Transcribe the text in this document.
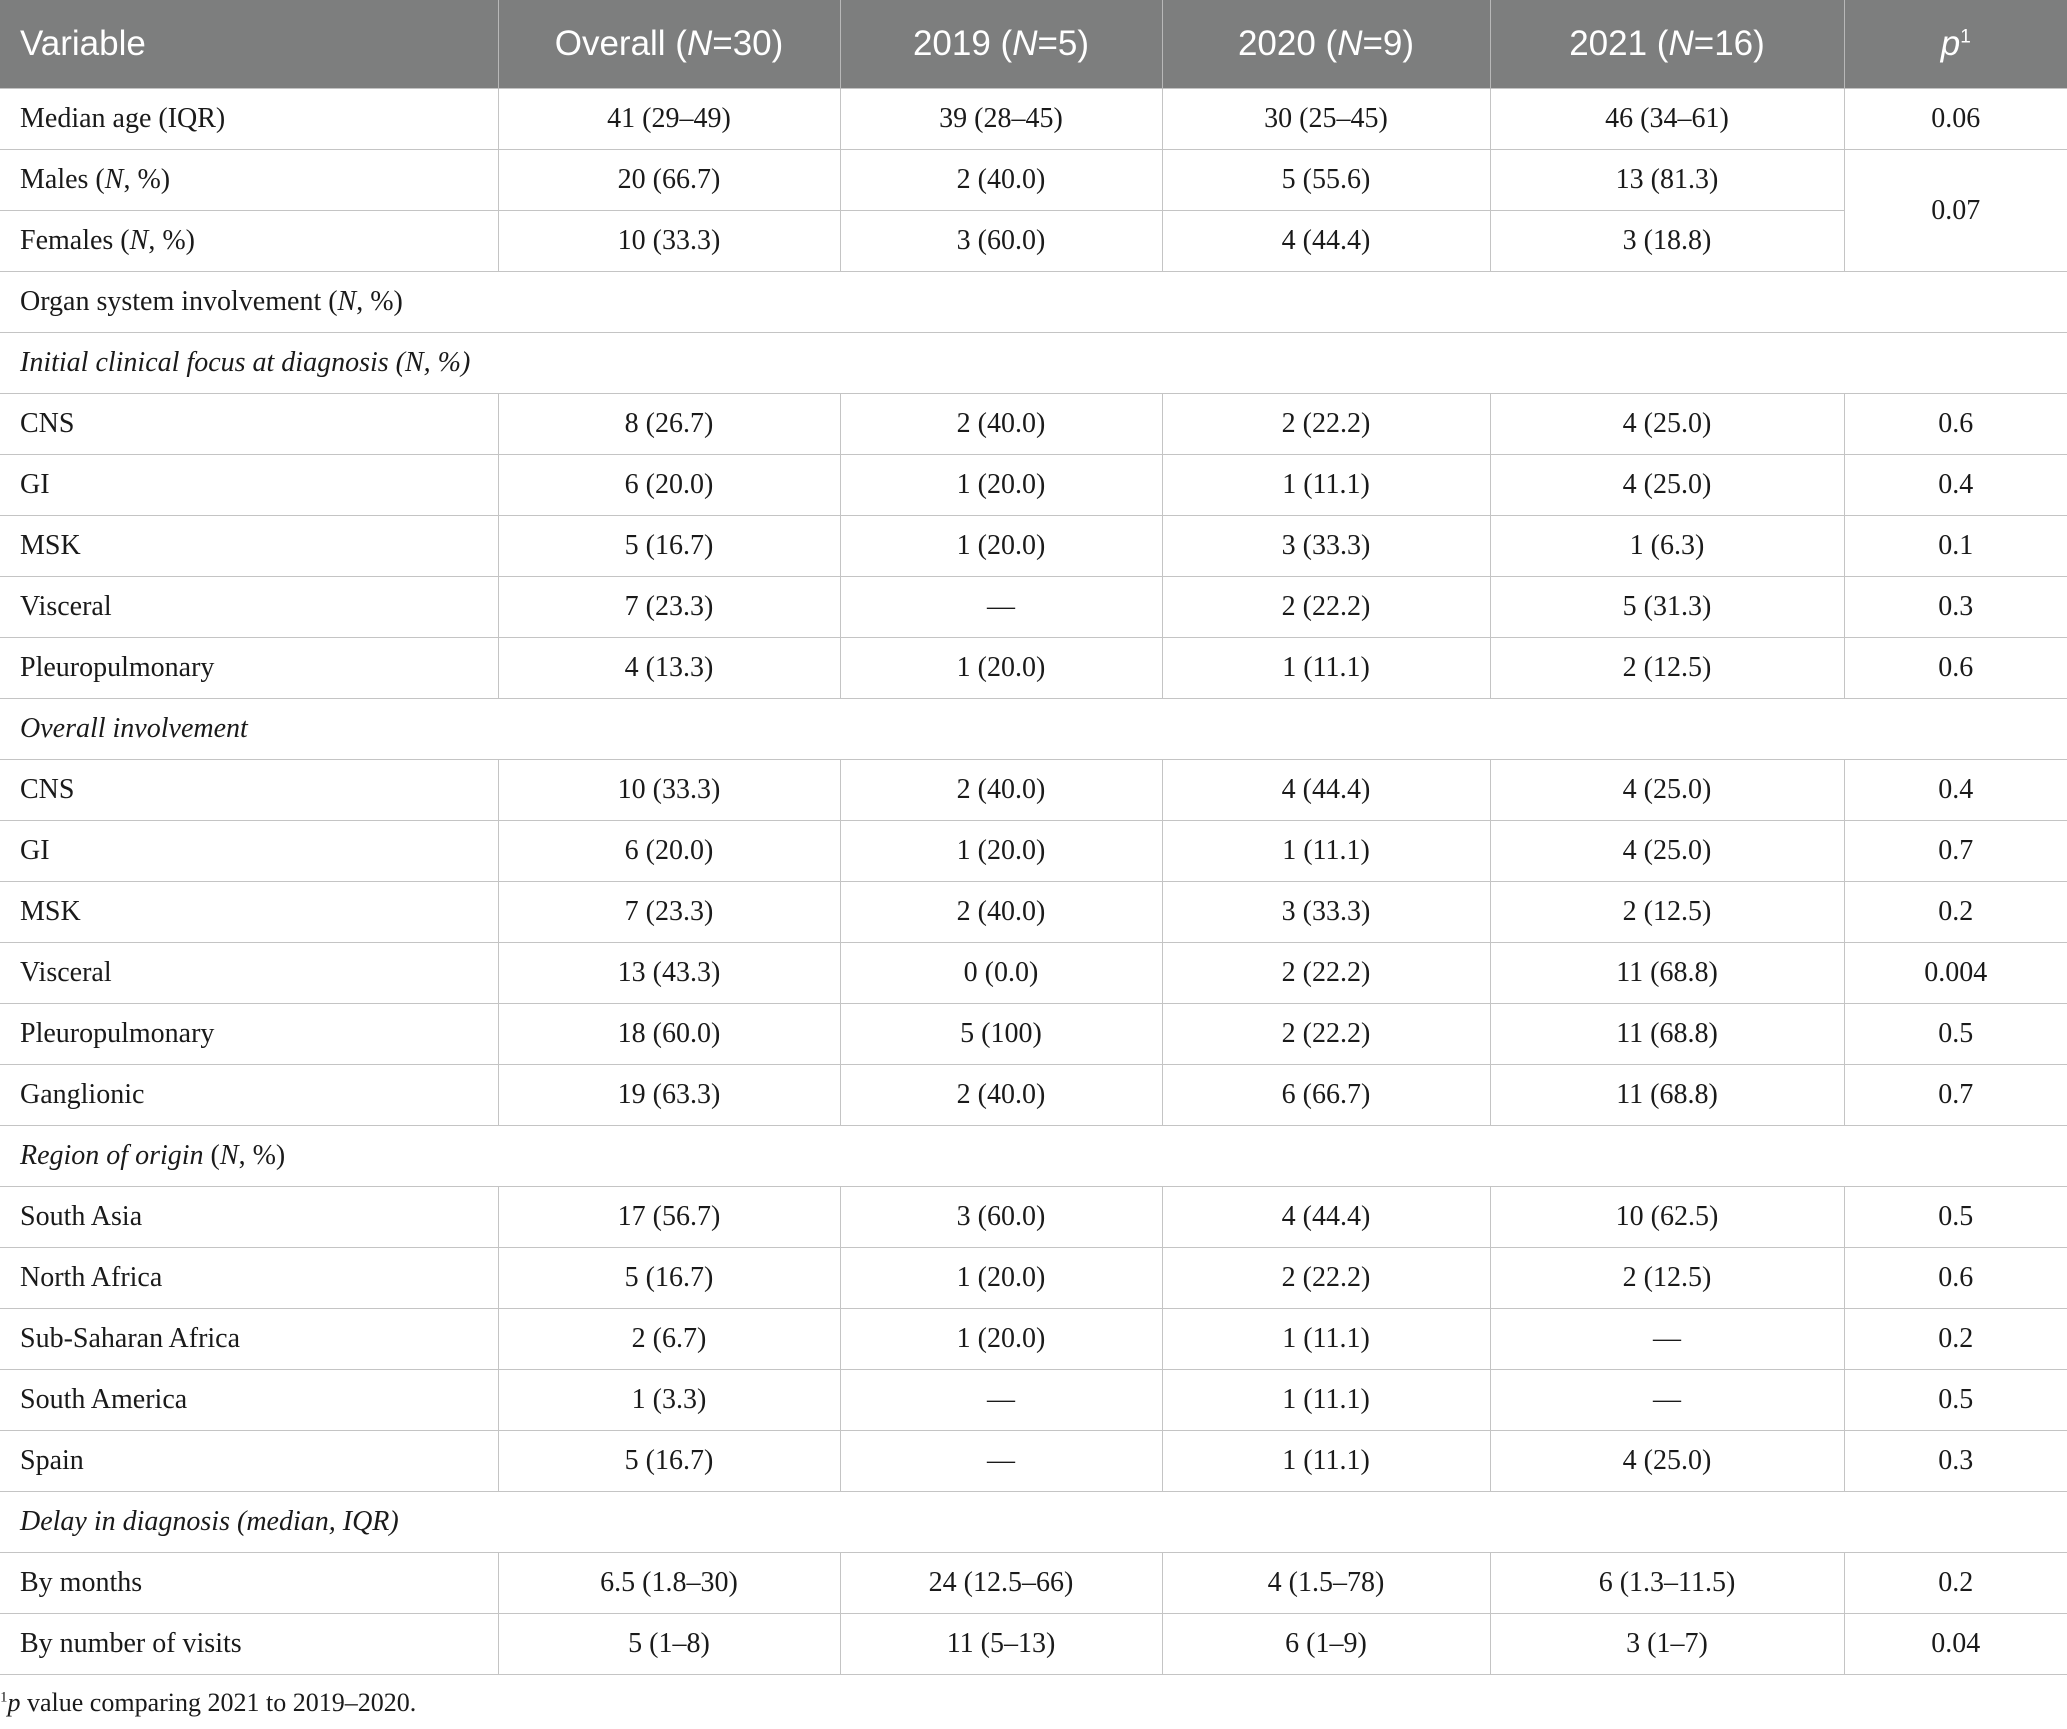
Variable	Overall (N=30)	2019 (N=5)	2020 (N=9)	2021 (N=16)	$p^1$
Median age (IQR)	41 (29–49)	39 (28–45)	30 (25–45)	46 (34–61)	0.06
Males (N, %)	20 (66.7)	2 (40.0)	5 (55.6)	13 (81.3)	0.07
Females (N, %)	10 (33.3)	3 (60.0)	4 (44.4)	3 (18.8)	
Organ system involvement (N, %)					
Initial clinical focus at diagnosis (N, %)					
CNS	8 (26.7)	2 (40.0)	2 (22.2)	4 (25.0)	0.6
GI	6 (20.0)	1 (20.0)	1 (11.1)	4 (25.0)	0.4
MSK	5 (16.7)	1 (20.0)	3 (33.3)	1 (6.3)	0.1
Visceral	7 (23.3)	—	2 (22.2)	5 (31.3)	0.3
Pleuropulmonary	4 (13.3)	1 (20.0)	1 (11.1)	2 (12.5)	0.6
Overall involvement					
CNS	10 (33.3)	2 (40.0)	4 (44.4)	4 (25.0)	0.4
GI	6 (20.0)	1 (20.0)	1 (11.1)	4 (25.0)	0.7
MSK	7 (23.3)	2 (40.0)	3 (33.3)	2 (12.5)	0.2
Visceral	13 (43.3)	0 (0.0)	2 (22.2)	11 (68.8)	0.004
Pleuropulmonary	18 (60.0)	5 (100)	2 (22.2)	11 (68.8)	0.5
Ganglionic	19 (63.3)	2 (40.0)	6 (66.7)	11 (68.8)	0.7
Region of origin (N, %)					
South Asia	17 (56.7)	3 (60.0)	4 (44.4)	10 (62.5)	0.5
North Africa	5 (16.7)	1 (20.0)	2 (22.2)	2 (12.5)	0.6
Sub-Saharan Africa	2 (6.7)	1 (20.0)	1 (11.1)	—	0.2
South America	1 (3.3)	—	1 (11.1)	—	0.5
Spain	5 (16.7)	—	1 (11.1)	4 (25.0)	0.3
Delay in diagnosis (median, IQR)					
By months	6.5 (1.8–30)	24 (12.5–66)	4 (1.5–78)	6 (1.3–11.5)	0.2
By number of visits	5 (1–8)	11 (5–13)	6 (1–9)	3 (1–7)	0.04
$^1$p value comparing 2021 to 2019–2020.
